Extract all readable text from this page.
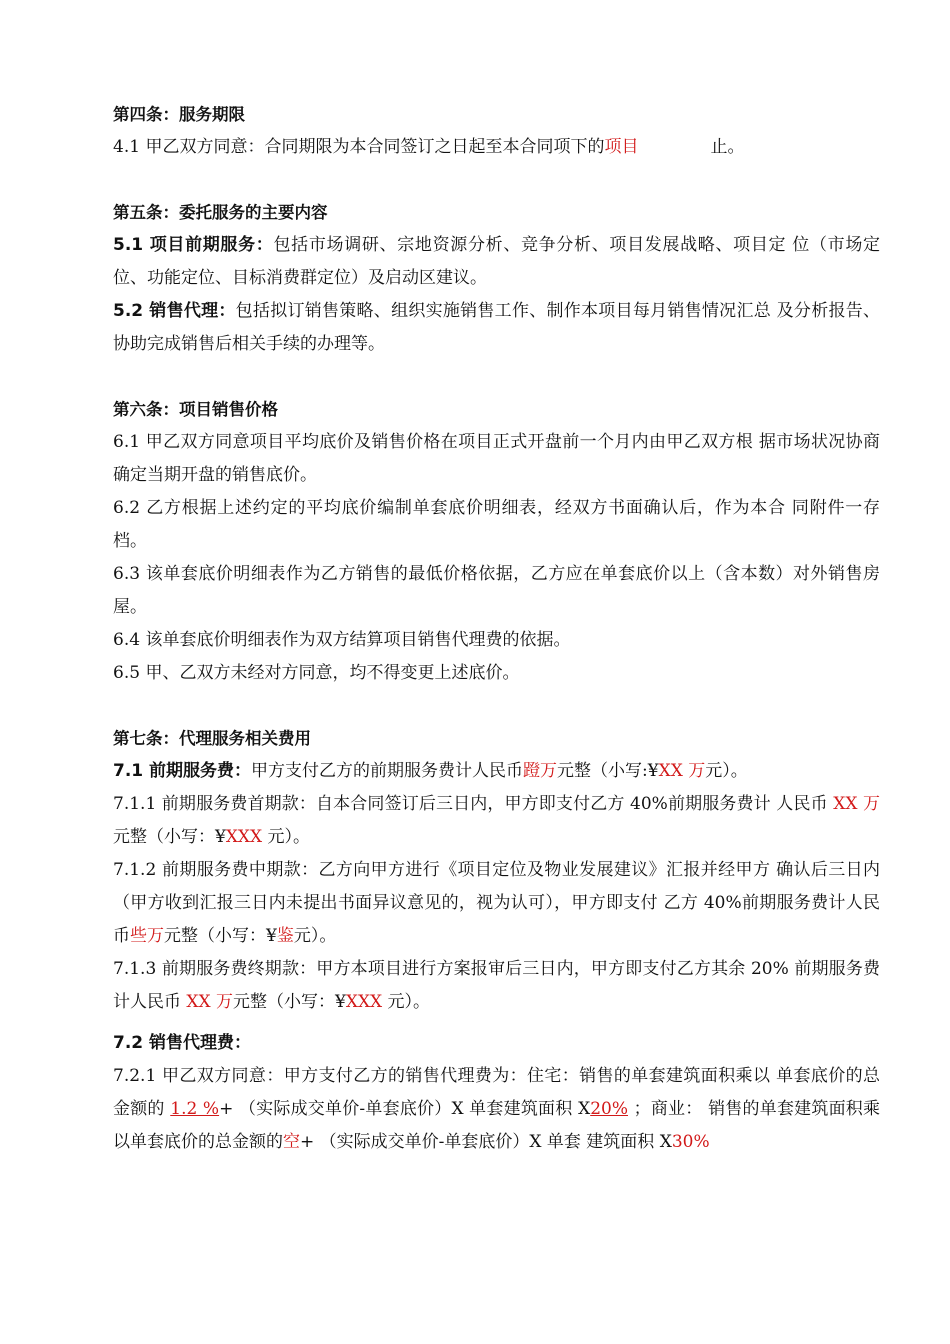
第四条：服务期限

4.1 甲乙双方同意：合同期限为本合同签订之日起至本合同项下的项目	止。

第五条：委托服务的主要内容

5.1 项目前期服务：包括市场调研、宗地资源分析、竞争分析、项目发展战略、项目定 位（市场定位、功能定位、目标消费群定位）及启动区建议。

5.2 销售代理：包括拟订销售策略、组织实施销售工作、制作本项目每月销售情况汇总 及分析报告、协助完成销售后相关手续的办理等。

第六条：项目销售价格

6.1 甲乙双方同意项目平均底价及销售价格在项目正式开盘前一个月内由甲乙双方根 据市场状况协商确定当期开盘的销售底价。

6.2 乙方根据上述约定的平均底价编制单套底价明细表，经双方书面确认后，作为本合 同附件一存档。

6.3 该单套底价明细表作为乙方销售的最低价格依据，乙方应在单套底价以上（含本数）对外销售房屋。

6.4 该单套底价明细表作为双方结算项目销售代理费的依据。

6.5 甲、乙双方未经对方同意，均不得变更上述底价。

第七条：代理服务相关费用

7.1 前期服务费：甲方支付乙方的前期服务费计人民币蹬万元整（小写:¥XX 万元）。

7.1.1 前期服务费首期款：自本合同签订后三日内，甲方即支付乙方 40%前期服务费计 人民币 XX 万元整（小写：¥XXX 元）。

7.1.2 前期服务费中期款：乙方向甲方进行《项目定位及物业发展建议》汇报并经甲方 确认后三日内（甲方收到汇报三日内未提出书面异议意见的，视为认可），甲方即支付 乙方 40%前期服务费计人民币些万元整（小写：¥鉴元）。

7.1.3 前期服务费终期款：甲方本项目进行方案报审后三日内，甲方即支付乙方其余 20% 前期服务费计人民币 XX 万元整（小写：¥XXX 元）。

7.2 销售代理费：

7.2.1 甲乙双方同意：甲方支付乙方的销售代理费为：住宅：销售的单套建筑面积乘以 单套底价的总金额的 1.2 %+ （实际成交单价-单套底价）X 单套建筑面积 X20% ；商业： 销售的单套建筑面积乘以单套底价的总金额的空+ （实际成交单价-单套底价）X 单套 建筑面积 X30%
